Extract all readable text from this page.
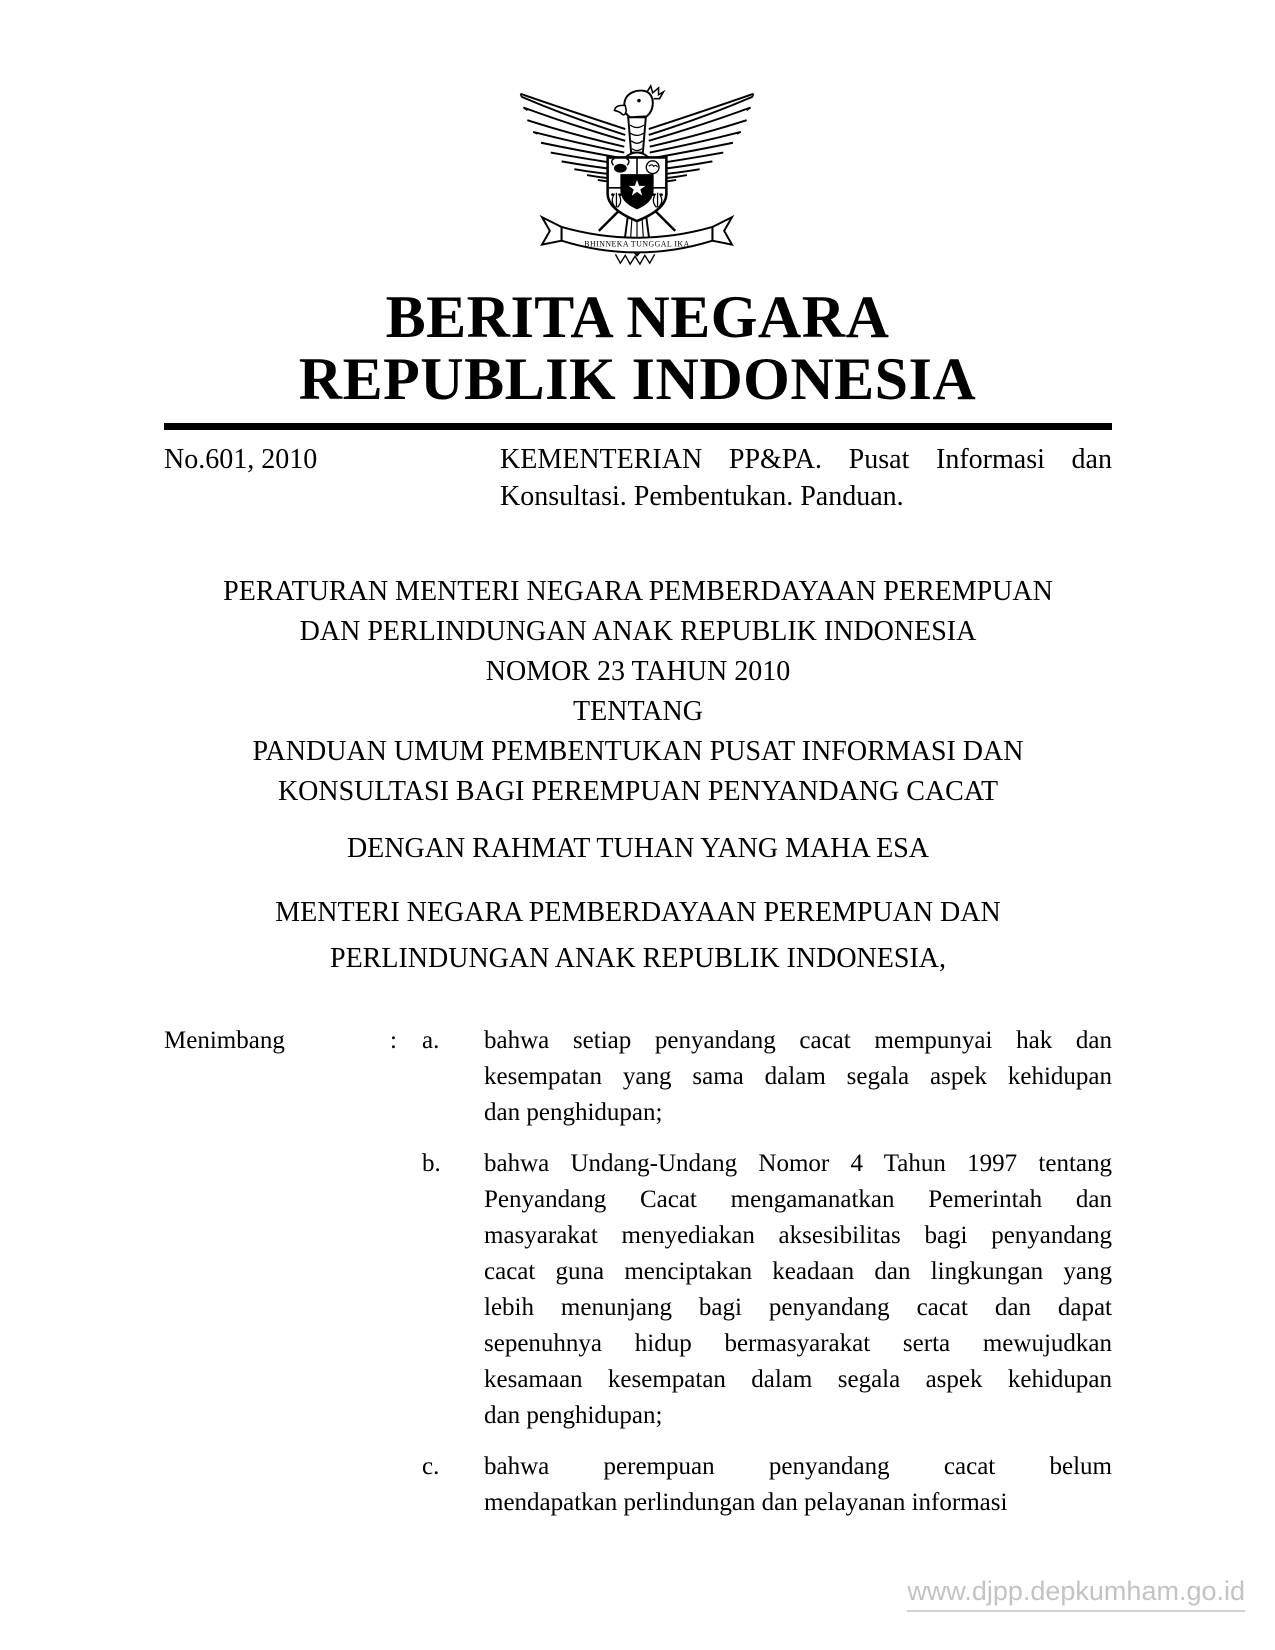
BHINNEKA TUNGGAL IKA
BERITA NEGARA
REPUBLIK INDONESIA
No.601, 2010	KEMENTERIAN PP&PA. Pusat Informasi dan
Konsultasi. Pembentukan. Panduan.
PERATURAN MENTERI NEGARA PEMBERDAYAAN PEREMPUAN
DAN PERLINDUNGAN ANAK REPUBLIK INDONESIA
NOMOR 23 TAHUN 2010
TENTANG
PANDUAN UMUM PEMBENTUKAN PUSAT INFORMASI DAN
KONSULTASI BAGI PEREMPUAN PENYANDANG CACAT
DENGAN RAHMAT TUHAN YANG MAHA ESA
MENTERI NEGARA PEMBERDAYAAN PEREMPUAN DAN
PERLINDUNGAN ANAK REPUBLIK INDONESIA,
Menimbang	:	a.	bahwa setiap penyandang cacat mempunyai hak dan
kesempatan yang sama dalam segala aspek kehidupan
dan penghidupan;
b.	bahwa Undang-Undang Nomor 4 Tahun 1997 tentang
Penyandang Cacat mengamanatkan Pemerintah dan
masyarakat menyediakan aksesibilitas bagi penyandang
cacat guna menciptakan keadaan dan lingkungan yang
lebih menunjang bagi penyandang cacat dan dapat
sepenuhnya hidup bermasyarakat serta mewujudkan
kesamaan kesempatan dalam segala aspek kehidupan
dan penghidupan;
c.	bahwa perempuan penyandang cacat belum
mendapatkan perlindungan dan pelayanan informasi
www.djpp.depkumham.go.id
